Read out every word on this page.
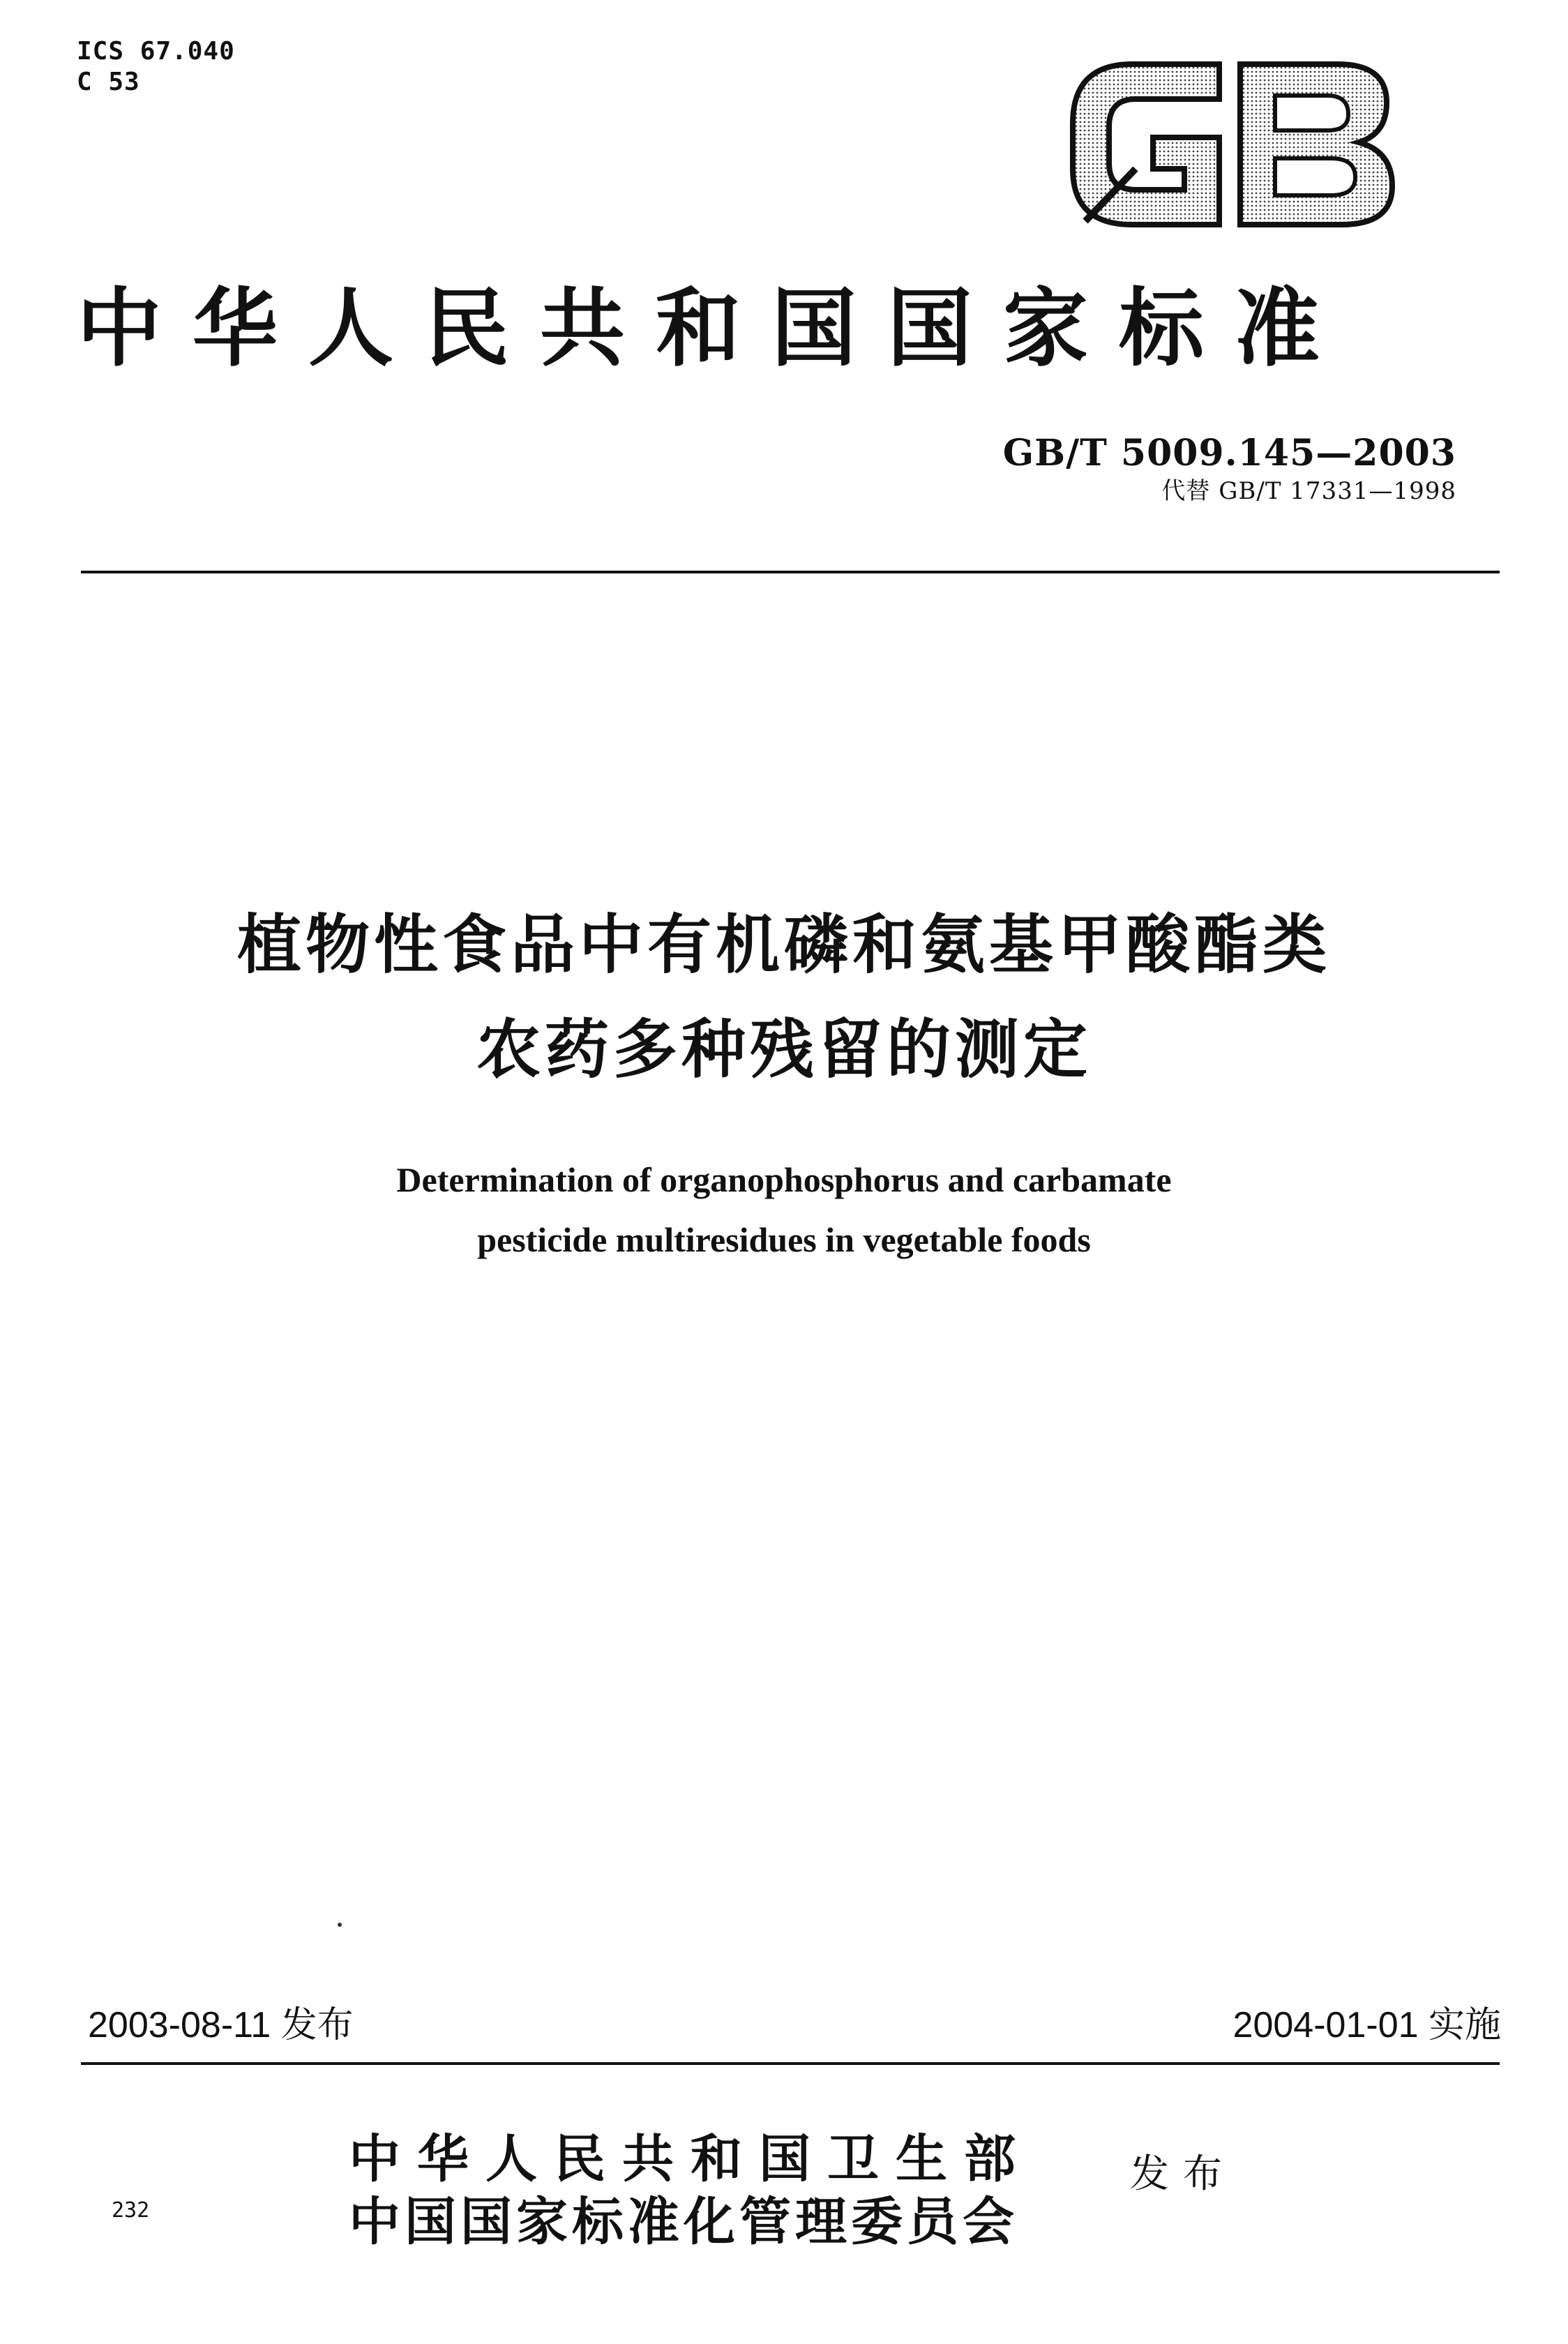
ICS 67.040
C 53
GB
中华人民共和国国家标准
GB/T 5009.145—2003
代替 GB/T 17331—1998
植物性食品中有机磷和氨基甲酸酯类
农药多种残留的测定
Determination of organophosphorus and carbamate
pesticide multiresidues in vegetable foods
2003-08-11 发布	2004-01-01 实施
中华人民共和国卫生部
中国国家标准化管理委员会
发布
232
